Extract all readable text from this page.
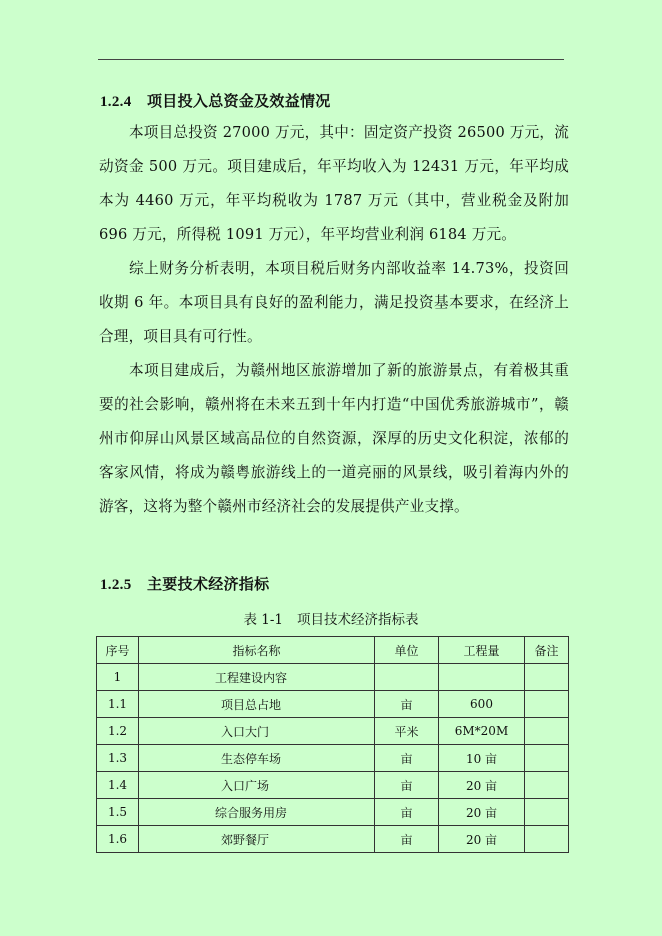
1.2.4 项目投入总资金及效益情况

本项目总投资 27000 万元，其中：固定资产投资 26500 万元，流动资金 500 万元。项目建成后，年平均收入为 12431 万元，年平均成本为 4460 万元，年平均税收为 1787 万元（其中，营业税金及附加 696 万元，所得税 1091 万元），年平均营业利润 6184 万元。

综上财务分析表明，本项目税后财务内部收益率 14.73%，投资回收期 6 年。本项目具有良好的盈利能力，满足投资基本要求，在经济上合理，项目具有可行性。

本项目建成后，为赣州地区旅游增加了新的旅游景点，有着极其重要的社会影响，赣州将在未来五到十年内打造“中国优秀旅游城市”，赣州市仰屏山风景区域高品位的自然资源，深厚的历史文化积淀，浓郁的客家风情，将成为赣粤旅游线上的一道亮丽的风景线，吸引着海内外的游客，这将为整个赣州市经济社会的发展提供产业支撑。

1.2.5 主要技术经济指标
表 1-1 项目技术经济指标表
序号	指标名称	单位	工程量	备注
1	工程建设内容			
1.1	项目总占地	亩	600	
1.2	入口大门	平米	6M*20M	
1.3	生态停车场	亩	10 亩	
1.4	入口广场	亩	20 亩	
1.5	综合服务用房	亩	20 亩	
1.6	郊野餐厅	亩	20 亩	
